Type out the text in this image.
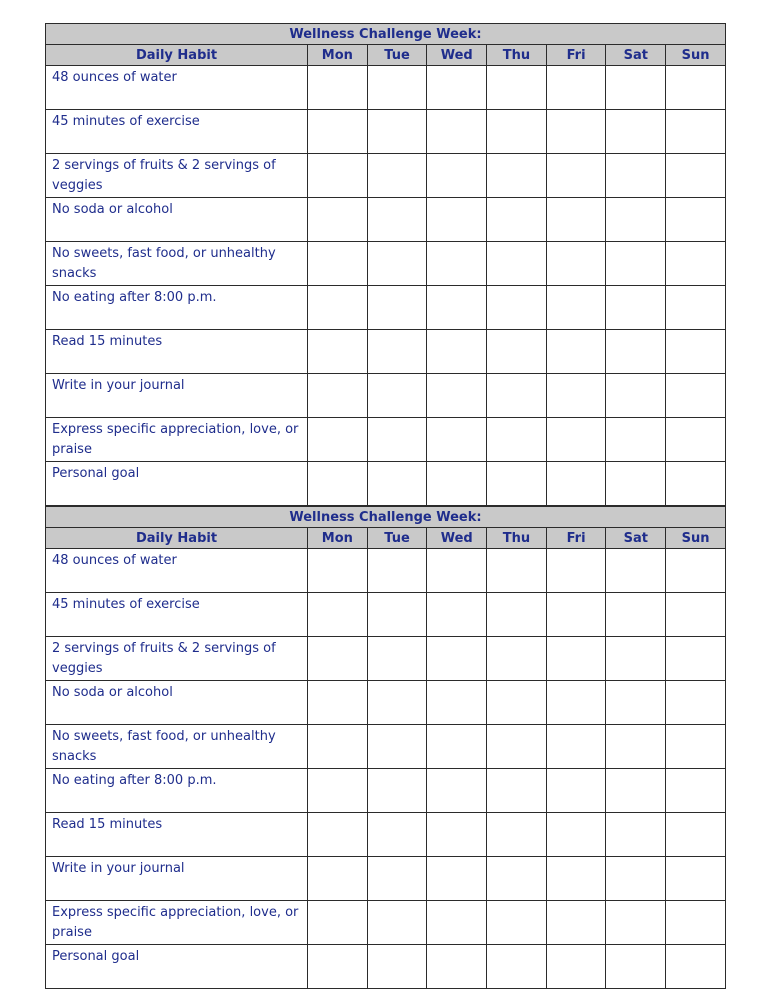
Wellness Challenge Week:							
Daily Habit	Mon	Tue	Wed	Thu	Fri	Sat	Sun
48 ounces of water							
45 minutes of exercise							
2 servings of fruits & 2 servings of veggies							
No soda or alcohol							
No sweets, fast food, or unhealthy snacks							
No eating after 8:00 p.m.							
Read 15 minutes							
Write in your journal							
Express specific appreciation, love, or praise							
Personal goal							
Wellness Challenge Week:							
Daily Habit	Mon	Tue	Wed	Thu	Fri	Sat	Sun
48 ounces of water							
45 minutes of exercise							
2 servings of fruits & 2 servings of veggies							
No soda or alcohol							
No sweets, fast food, or unhealthy snacks							
No eating after 8:00 p.m.							
Read 15 minutes							
Write in your journal							
Express specific appreciation, love, or praise							
Personal goal							
